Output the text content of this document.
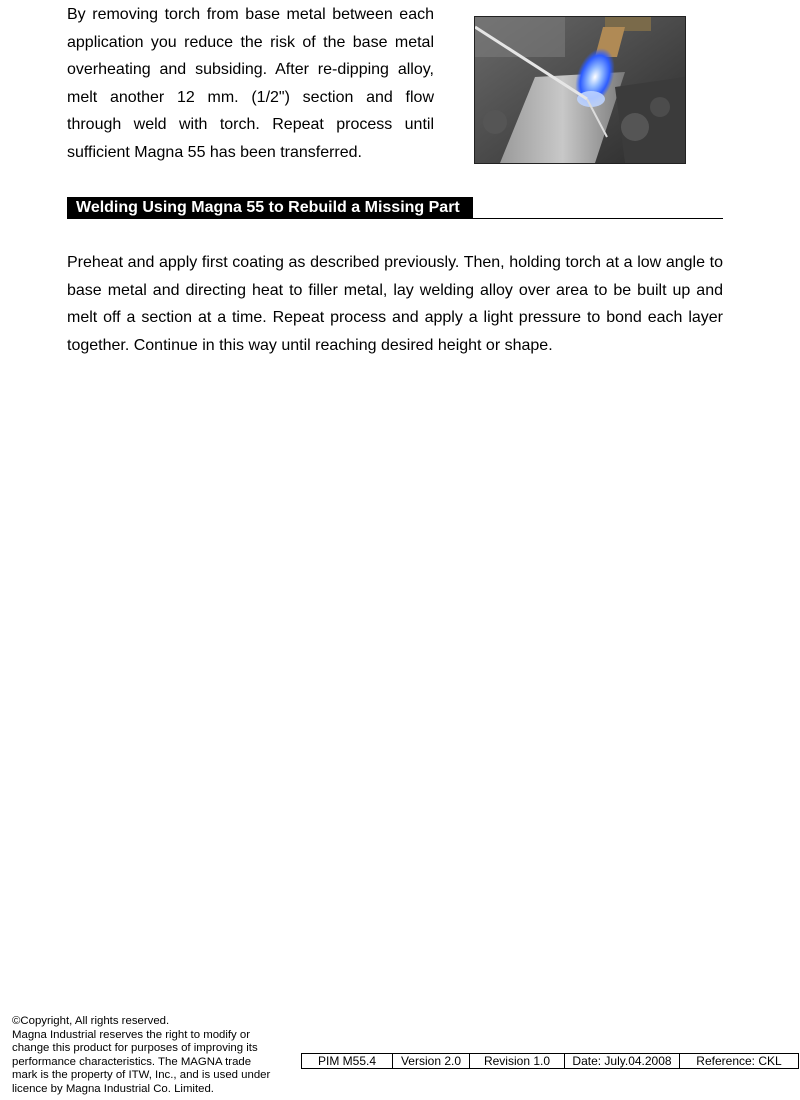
By removing torch from base metal between each application you reduce the risk of the base metal overheating and subsiding. After re-dipping alloy, melt another 12 mm. (1/2") section and flow through weld with torch. Repeat process until sufficient Magna 55 has been transferred.
Welding Using Magna 55 to Rebuild a Missing Part
Preheat and apply first coating as described previously. Then, holding torch at a low angle to base metal and directing heat to filler metal, lay welding alloy over area to be built up and melt off a section at a time. Repeat process and apply a light pressure to bond each layer together. Continue in this way until reaching desired height or shape.
©Copyright, All rights reserved.
Magna Industrial reserves the right to modify or
change this product for purposes of improving its
performance characteristics. The MAGNA trade
mark is the property of ITW, Inc., and is used under
licence by Magna Industrial Co. Limited.
PIM M55.4	Version 2.0	Revision 1.0	Date: July.04.2008	Reference: CKL
